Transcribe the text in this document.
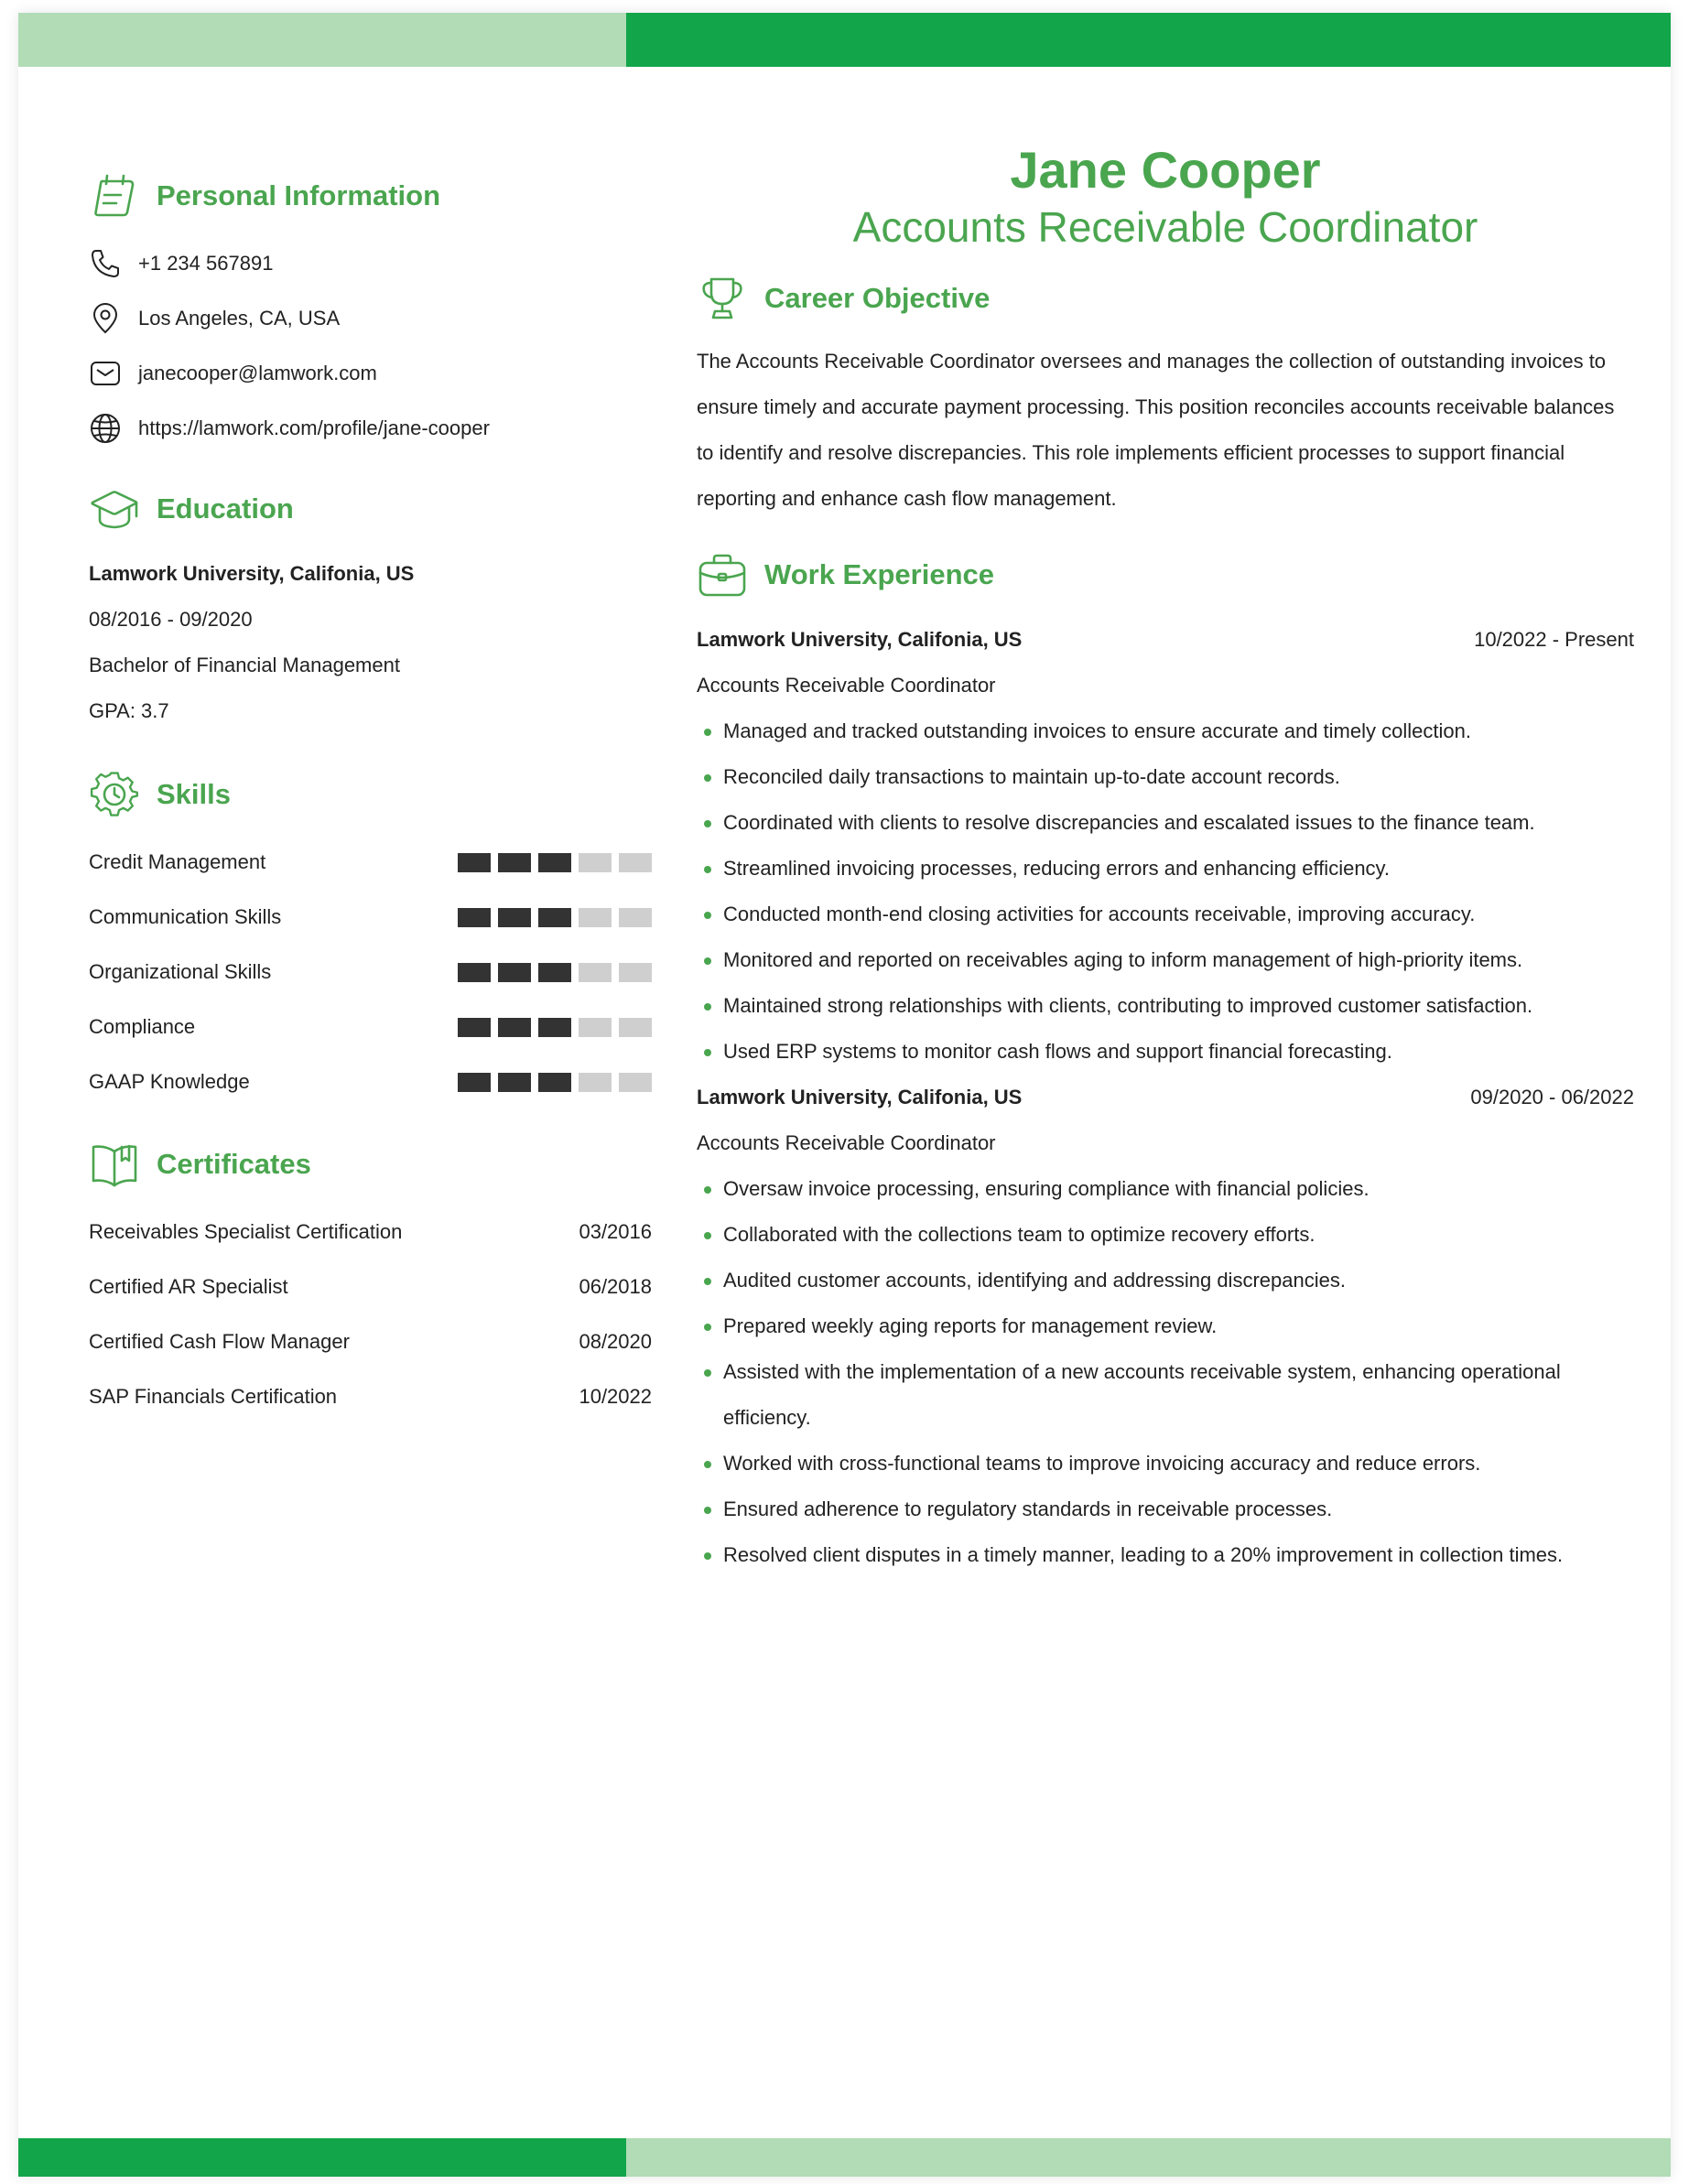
Personal Information
+1 234 567891
Los Angeles, CA, USA
janecooper@lamwork.com
https://lamwork.com/profile/jane-cooper
Education
Lamwork University, Califonia, US
08/2016 - 09/2020
Bachelor of Financial Management
GPA: 3.7
Skills
Credit Management
Communication Skills
Organizational Skills
Compliance
GAAP Knowledge
Certificates
Receivables Specialist Certification	03/2016
Certified AR Specialist	06/2018
Certified Cash Flow Manager	08/2020
SAP Financials Certification	10/2022
Jane Cooper
Accounts Receivable Coordinator
Career Objective
The Accounts Receivable Coordinator oversees and manages the collection of outstanding invoices to ensure timely and accurate payment processing. This position reconciles accounts receivable balances to identify and resolve discrepancies. This role implements efficient processes to support financial reporting and enhance cash flow management.
Work Experience
Lamwork University, Califonia, US	10/2022 - Present
Accounts Receivable Coordinator
Managed and tracked outstanding invoices to ensure accurate and timely collection.
Reconciled daily transactions to maintain up-to-date account records.
Coordinated with clients to resolve discrepancies and escalated issues to the finance team.
Streamlined invoicing processes, reducing errors and enhancing efficiency.
Conducted month-end closing activities for accounts receivable, improving accuracy.
Monitored and reported on receivables aging to inform management of high-priority items.
Maintained strong relationships with clients, contributing to improved customer satisfaction.
Used ERP systems to monitor cash flows and support financial forecasting.
Lamwork University, Califonia, US	09/2020 - 06/2022
Accounts Receivable Coordinator
Oversaw invoice processing, ensuring compliance with financial policies.
Collaborated with the collections team to optimize recovery efforts.
Audited customer accounts, identifying and addressing discrepancies.
Prepared weekly aging reports for management review.
Assisted with the implementation of a new accounts receivable system, enhancing operational efficiency.
Worked with cross-functional teams to improve invoicing accuracy and reduce errors.
Ensured adherence to regulatory standards in receivable processes.
Resolved client disputes in a timely manner, leading to a 20% improvement in collection times.
